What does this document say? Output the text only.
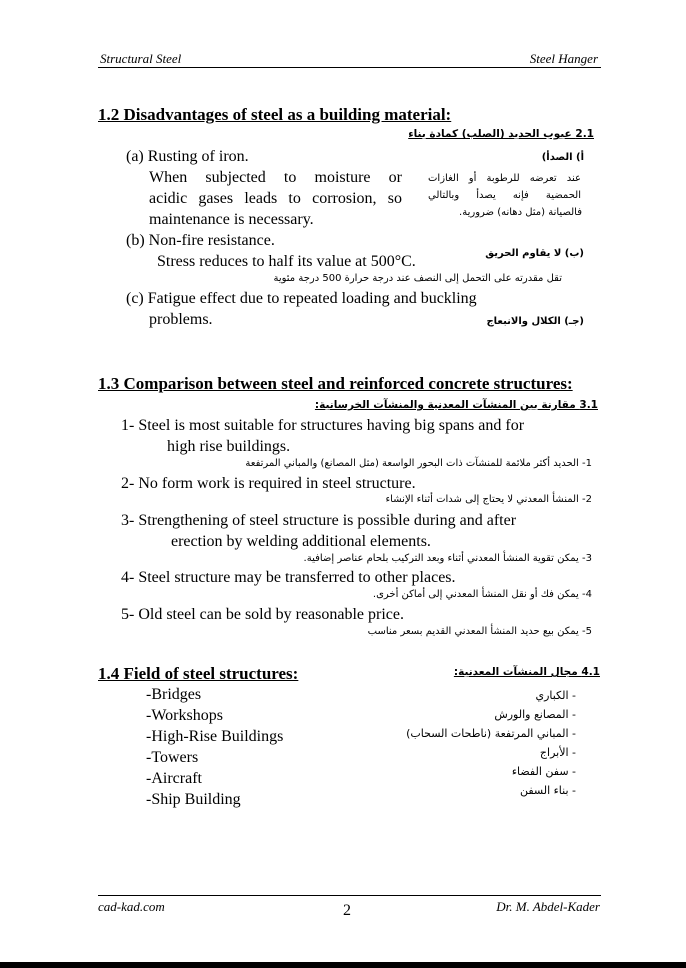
Structural Steel	Steel Hanger
1.2 Disadvantages of steel as a building material:
2.1 عيوب الحديد (الصلب) كمادة بناء
(a) Rusting of iron.	أ) الصدأ)
When subjected to moisture or
acidic gases leads to corrosion, so
maintenance is necessary.
عند تعرضه للرطوبة أو الغازات
الحمضية فإنه يصدأ وبالتالي
فالصيانة (مثل دهانه) ضرورية.
(b) Non-fire resistance.
Stress reduces to half its value at 500°C.	(ب) لا يقاوم الحريق
تقل مقدرته على التحمل إلى النصف عند درجة حرارة 500 درجة مئوية
(c) Fatigue effect due to repeated loading and buckling
problems.	(جـ) الكلال والانبعاج
1.3 Comparison between steel and reinforced concrete structures:
3.1 مقارنة بين المنشآت المعدنية والمنشآت الخرسانية:
1- Steel is most suitable for structures having big spans and for
high rise buildings.
1- الحديد أكثر ملائمة للمنشآت ذات البحور الواسعة (مثل المصانع) والمباني المرتفعة
2- No form work is required in steel structure.
2- المنشأ المعدني لا يحتاج إلى شدات أثناء الإنشاء
3- Strengthening of steel structure is possible during and after
erection by welding additional elements.
3- يمكن تقوية المنشأ المعدني أثناء وبعد التركيب بلحام عناصر إضافية.
4- Steel structure may be transferred to other places.
4- يمكن فك أو نقل المنشأ المعدني إلى أماكن أخرى.
5- Old steel can be sold by reasonable price.
5- يمكن بيع حديد المنشأ المعدني القديم بسعر مناسب
1.4 Field of steel structures:	4.1 مجال المنشآت المعدنية:
-Bridges
-Workshops
-High-Rise Buildings
-Towers
-Aircraft
-Ship Building
- الكباري
- المصانع والورش
- المباني المرتفعة (ناطحات السحاب)
- الأبراج
- سفن الفضاء
- بناء السفن
cad-kad.com	2	Dr. M. Abdel-Kader
